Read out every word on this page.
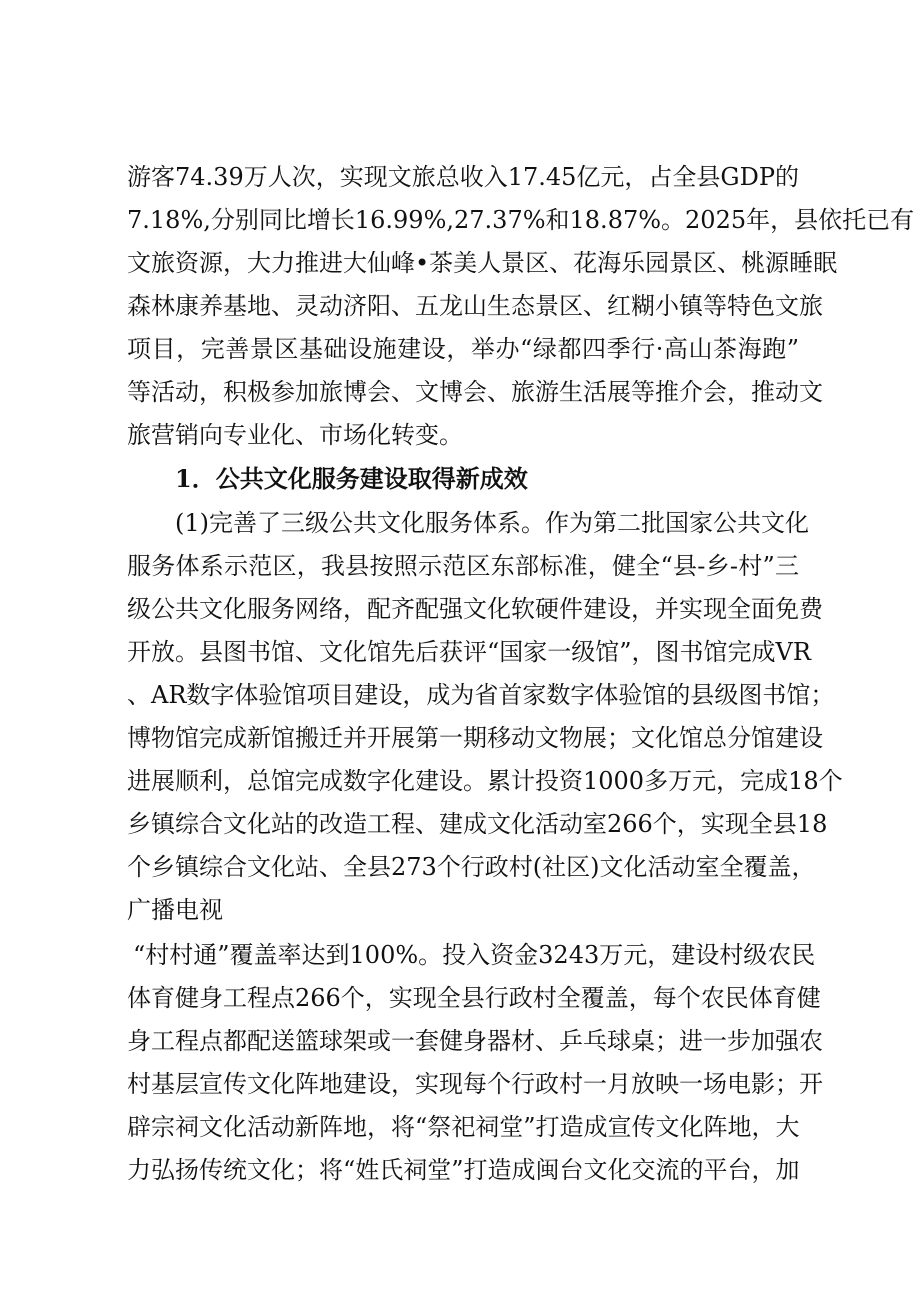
游客74.39万人次，实现文旅总收入17.45亿元，占全县GDP的
7.18%,分别同比增长16.99%,27.37%和18.87%。2025年，县依托已有
文旅资源，大力推进大仙峰•茶美人景区、花海乐园景区、桃源睡眠
森林康养基地、灵动济阳、五龙山生态景区、红糊小镇等特色文旅
项目，完善景区基础设施建设，举办“绿都四季行·高山茶海跑”
等活动，积极参加旅博会、文博会、旅游生活展等推介会，推动文
旅营销向专业化、市场化转变。
1．公共文化服务建设取得新成效
(1)完善了三级公共文化服务体系。作为第二批国家公共文化
服务体系示范区，我县按照示范区东部标准，健全“县-乡-村”三
级公共文化服务网络，配齐配强文化软硬件建设，并实现全面免费
开放。县图书馆、文化馆先后获评“国家一级馆”，图书馆完成VR
、AR数字体验馆项目建设，成为省首家数字体验馆的县级图书馆；
博物馆完成新馆搬迁并开展第一期移动文物展；文化馆总分馆建设
进展顺利，总馆完成数字化建设。累计投资1000多万元，完成18个
乡镇综合文化站的改造工程、建成文化活动室266个，实现全县18
个乡镇综合文化站、全县273个行政村(社区)文化活动室全覆盖，
广播电视
“村村通”覆盖率达到100%。投入资金3243万元，建设村级农民
体育健身工程点266个，实现全县行政村全覆盖，每个农民体育健
身工程点都配送篮球架或一套健身器材、乒乓球桌；进一步加强农
村基层宣传文化阵地建设，实现每个行政村一月放映一场电影；开
辟宗祠文化活动新阵地，将“祭祀祠堂”打造成宣传文化阵地，大
力弘扬传统文化；将“姓氏祠堂”打造成闽台文化交流的平台，加
